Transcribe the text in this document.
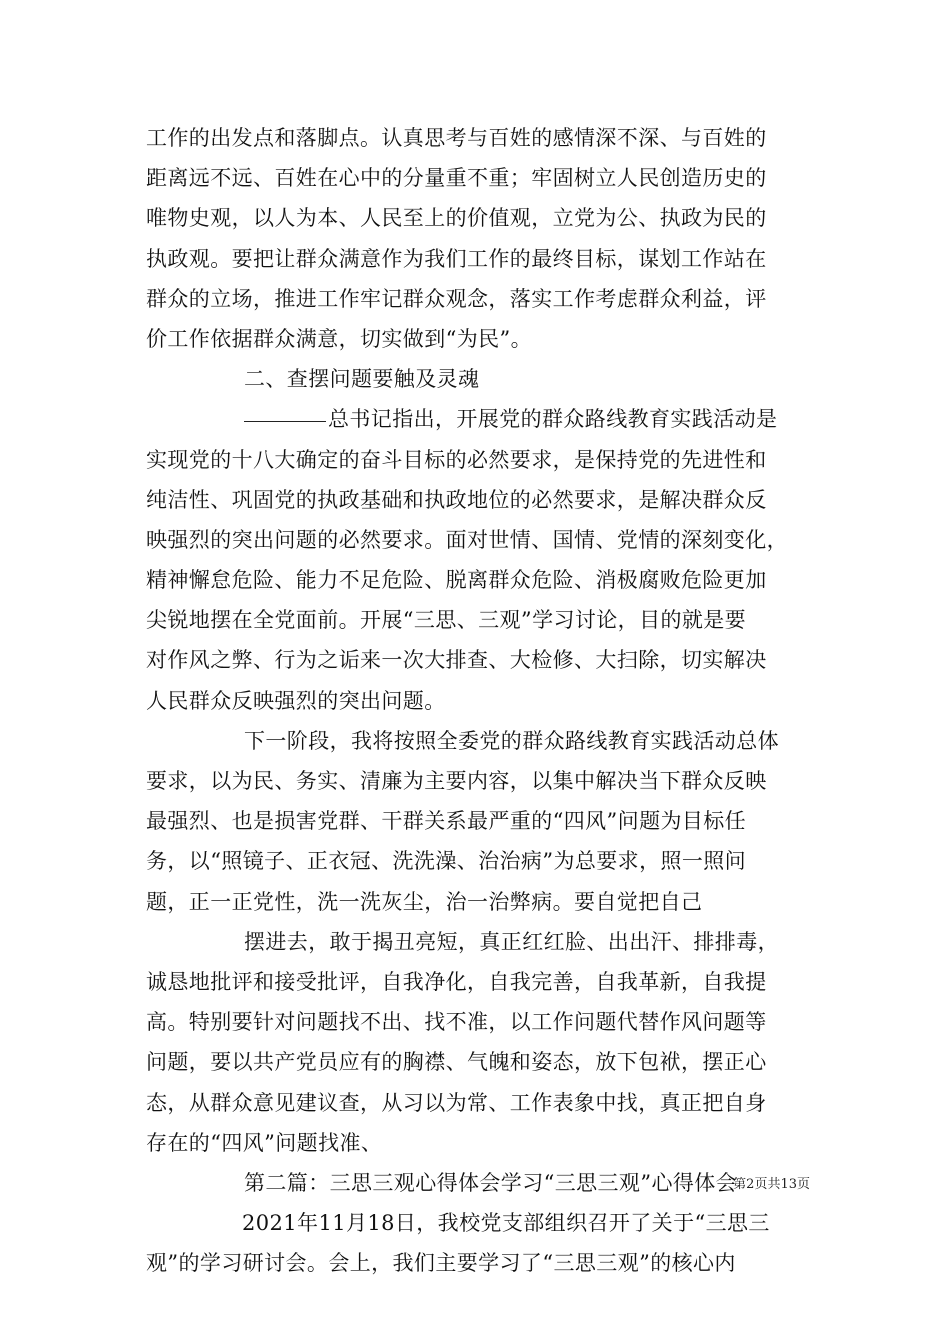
工作的出发点和落脚点。认真思考与百姓的感情深不深、与百姓的
距离远不远、百姓在心中的分量重不重；牢固树立人民创造历史的
唯物史观，以人为本、人民至上的价值观，立党为公、执政为民的
执政观。要把让群众满意作为我们工作的最终目标，谋划工作站在
群众的立场，推进工作牢记群众观念，落实工作考虑群众利益，评
价工作依据群众满意，切实做到“为民”。
二、查摆问题要触及灵魂
总书记指出，开展党的群众路线教育实践活动是
实现党的十八大确定的奋斗目标的必然要求，是保持党的先进性和
纯洁性、巩固党的执政基础和执政地位的必然要求，是解决群众反
映强烈的突出问题的必然要求。面对世情、国情、党情的深刻变化，
精神懈怠危险、能力不足危险、脱离群众危险、消极腐败危险更加
尖锐地摆在全党面前。开展“三思、三观”学习讨论，目的就是要
对作风之弊、行为之诟来一次大排查、大检修、大扫除，切实解决
人民群众反映强烈的突出问题。
下一阶段，我将按照全委党的群众路线教育实践活动总体
要求，以为民、务实、清廉为主要内容，以集中解决当下群众反映
最强烈、也是损害党群、干群关系最严重的“四风”问题为目标任
务，以“照镜子、正衣冠、洗洗澡、治治病”为总要求，照一照问
题，正一正党性，洗一洗灰尘，治一治弊病。要自觉把自己
摆进去，敢于揭丑亮短，真正红红脸、出出汗、排排毒，
诚恳地批评和接受批评，自我净化，自我完善，自我革新，自我提
高。特别要针对问题找不出、找不准，以工作问题代替作风问题等
问题，要以共产党员应有的胸襟、气魄和姿态，放下包袱，摆正心
态，从群众意见建议查，从习以为常、工作表象中找，真正把自身
存在的“四风”问题找准、
第二篇：三思三观心得体会学习“三思三观”心得体会
2021年11月18日，我校党支部组织召开了关于“三思三
观”的学习研讨会。会上，我们主要学习了“三思三观”的核心内
第2页共13页
